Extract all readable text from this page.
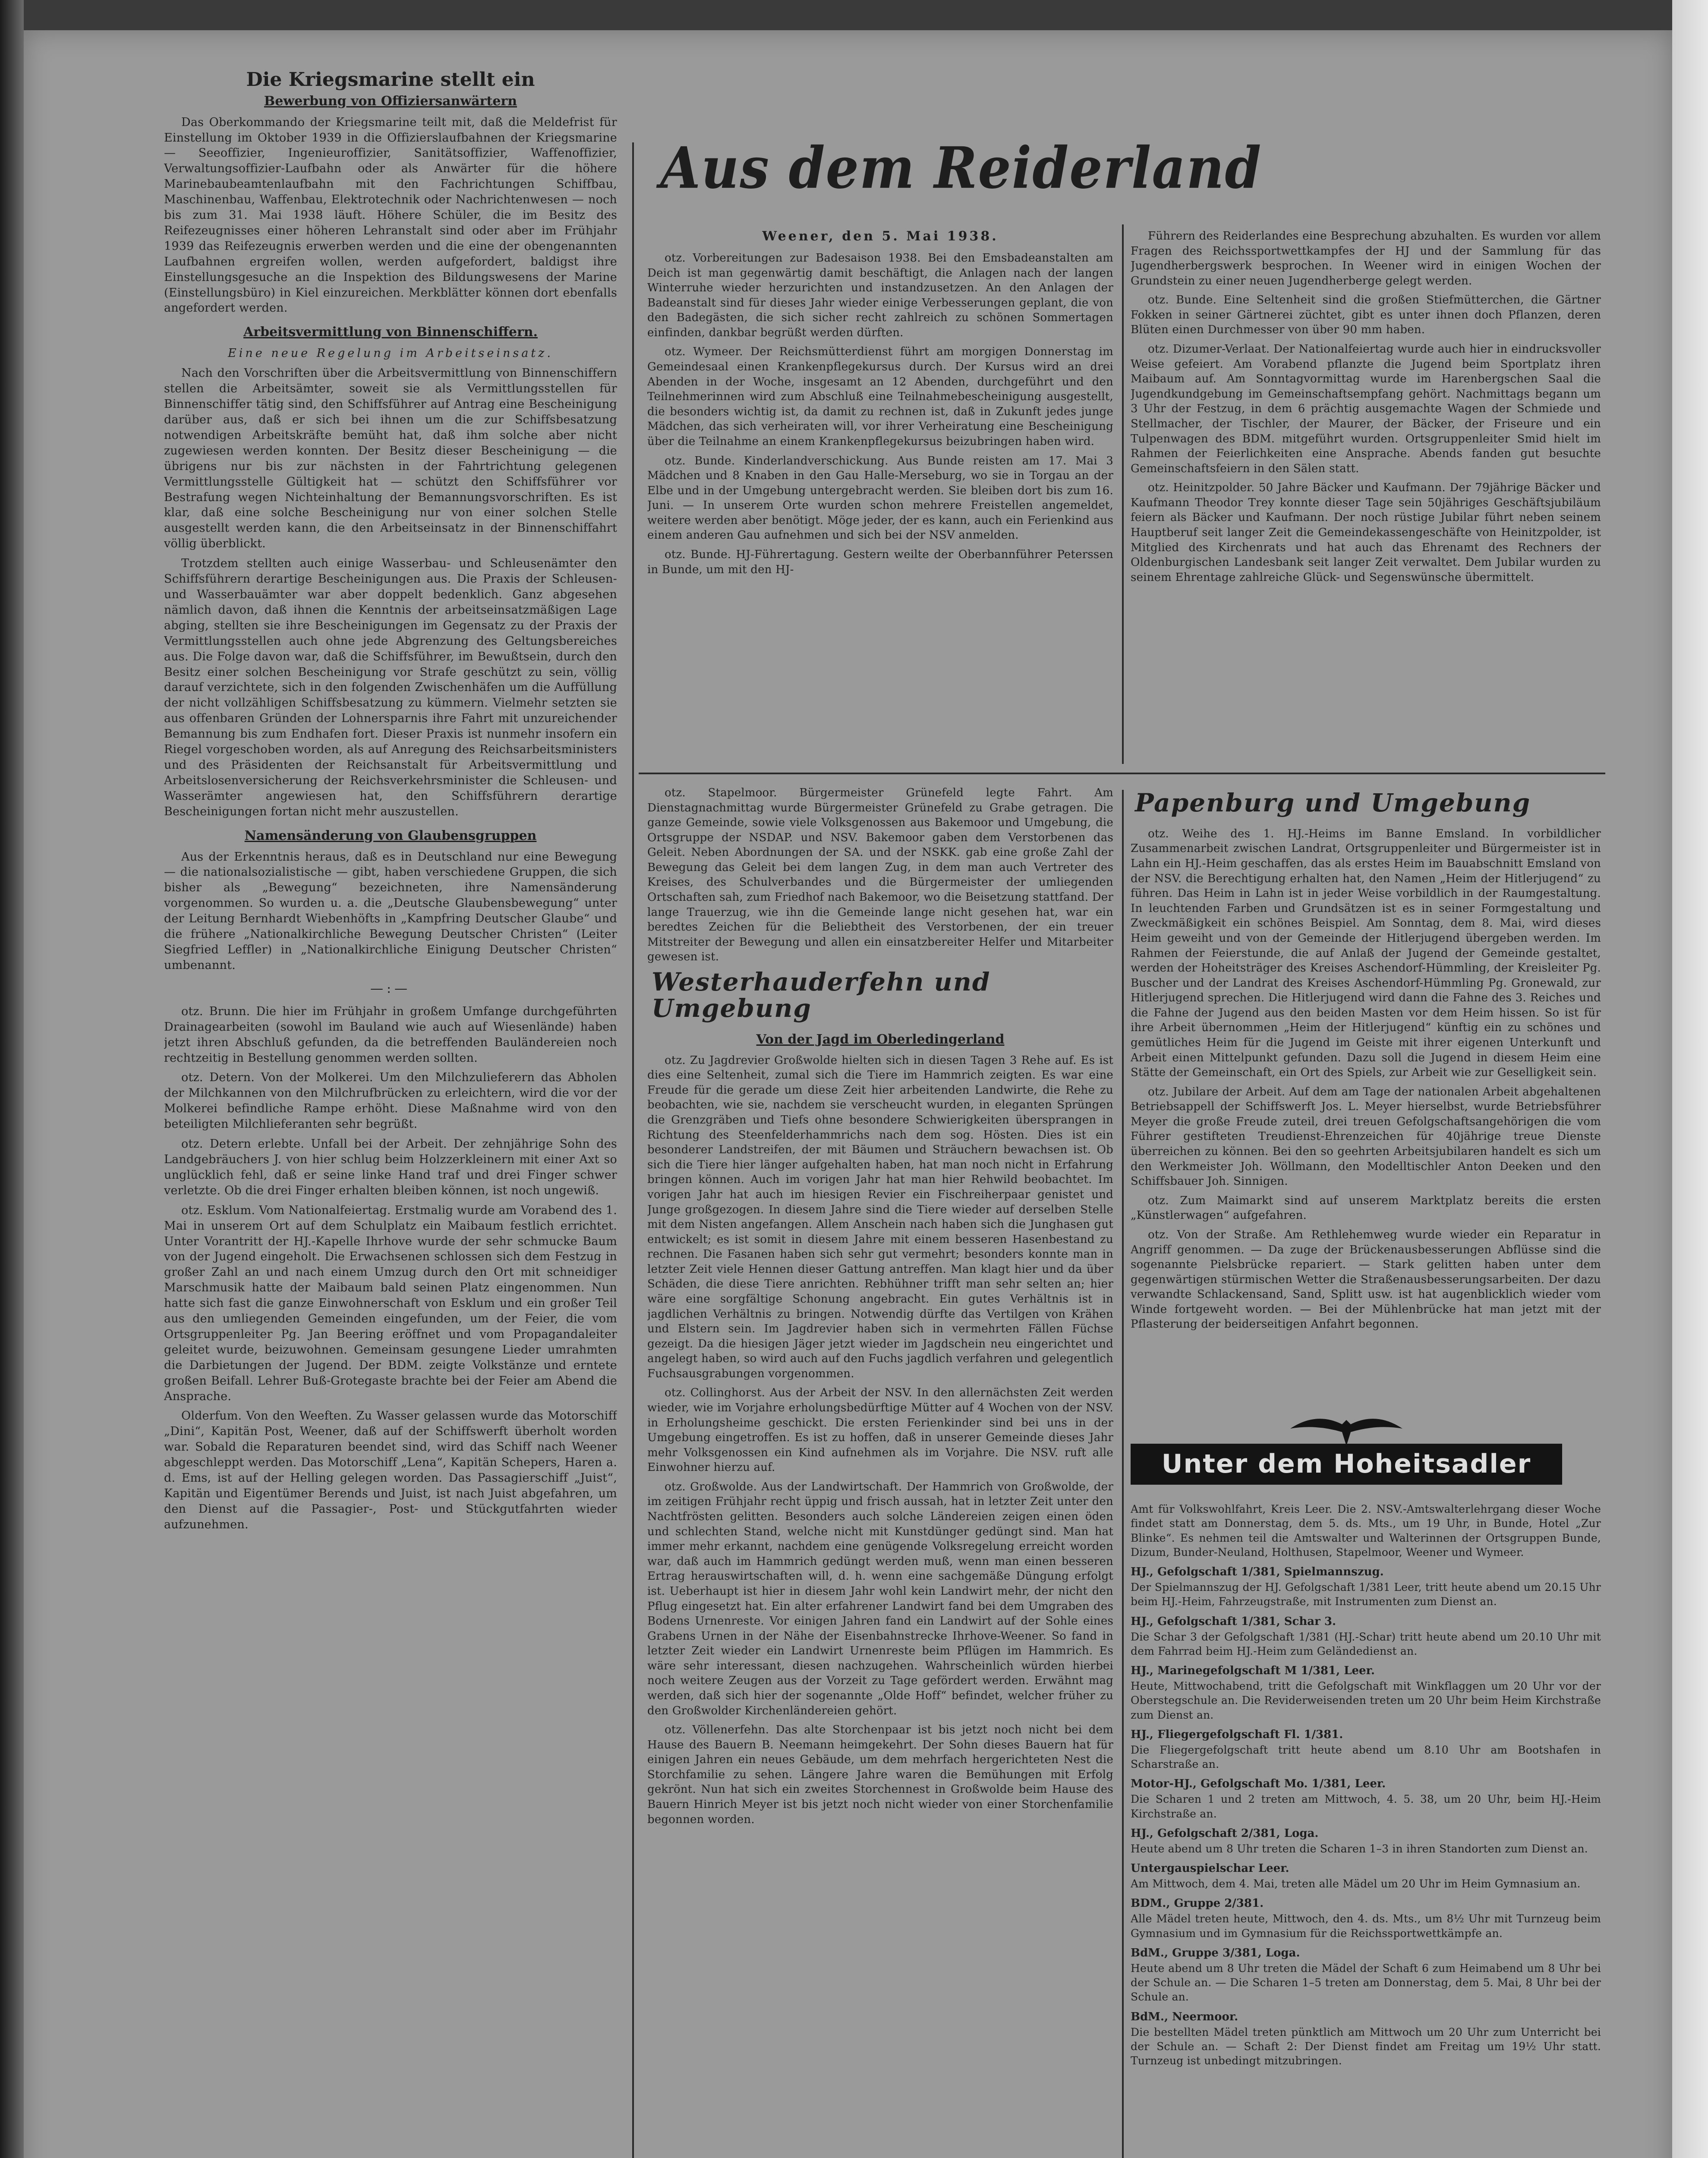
Die Kriegsmarine stellt ein
Bewerbung von Offiziersanwärtern

Das Oberkommando der Kriegsmarine teilt mit, daß die Meldefrist für Einstellung im Oktober 1939 in die Offizierslaufbahnen der Kriegsmarine — Seeoffizier, Ingenieuroffizier, Sanitätsoffizier, Waffenoffizier, Verwaltungsoffizier-Laufbahn oder als Anwärter für die höhere Marinebaubeamtenlaufbahn mit den Fachrichtungen Schiffbau, Maschinenbau, Waffenbau, Elektrotechnik oder Nachrichtenwesen — noch bis zum 31. Mai 1938 läuft. Höhere Schüler, die im Besitz des Reifezeugnisses einer höheren Lehranstalt sind oder aber im Frühjahr 1939 das Reifezeugnis erwerben werden und die eine der obengenannten Laufbahnen ergreifen wollen, werden aufgefordert, baldigst ihre Einstellungsgesuche an die Inspektion des Bildungswesens der Marine (Einstellungsbüro) in Kiel einzureichen. Merkblätter können dort ebenfalls angefordert werden.

Arbeitsvermittlung von Binnenschiffern.

Eine neue Regelung im Arbeitseinsatz.

Nach den Vorschriften über die Arbeitsvermittlung von Binnenschiffern stellen die Arbeitsämter, soweit sie als Vermittlungsstellen für Binnenschiffer tätig sind, den Schiffsführer auf Antrag eine Bescheinigung darüber aus, daß er sich bei ihnen um die zur Schiffsbesatzung notwendigen Arbeitskräfte bemüht hat, daß ihm solche aber nicht zugewiesen werden konnten. Der Besitz dieser Bescheinigung — die übrigens nur bis zur nächsten in der Fahrtrichtung gelegenen Vermittlungsstelle Gültigkeit hat — schützt den Schiffsführer vor Bestrafung wegen Nichteinhaltung der Bemannungsvorschriften. Es ist klar, daß eine solche Bescheinigung nur von einer solchen Stelle ausgestellt werden kann, die den Arbeitseinsatz in der Binnenschiffahrt völlig überblickt.

Trotzdem stellten auch einige Wasserbau- und Schleusenämter den Schiffsführern derartige Bescheinigungen aus. Die Praxis der Schleusen- und Wasserbauämter war aber doppelt bedenklich. Ganz abgesehen nämlich davon, daß ihnen die Kenntnis der arbeitseinsatzmäßigen Lage abging, stellten sie ihre Bescheinigungen im Gegensatz zu der Praxis der Vermittlungsstellen auch ohne jede Abgrenzung des Geltungsbereiches aus. Die Folge davon war, daß die Schiffsführer, im Bewußtsein, durch den Besitz einer solchen Bescheinigung vor Strafe geschützt zu sein, völlig darauf verzichtete, sich in den folgenden Zwischenhäfen um die Auffüllung der nicht vollzähligen Schiffsbesatzung zu kümmern. Vielmehr setzten sie aus offenbaren Gründen der Lohnersparnis ihre Fahrt mit unzureichender Bemannung bis zum Endhafen fort. Dieser Praxis ist nunmehr insofern ein Riegel vorgeschoben worden, als auf Anregung des Reichsarbeitsministers und des Präsidenten der Reichsanstalt für Arbeitsvermittlung und Arbeitslosenversicherung der Reichsverkehrsminister die Schleusen- und Wasserämter angewiesen hat, den Schiffsführern derartige Bescheinigungen fortan nicht mehr auszustellen.

Namensänderung von Glaubensgruppen

Aus der Erkenntnis heraus, daß es in Deutschland nur eine Bewegung — die nationalsozialistische — gibt, haben verschiedene Gruppen, die sich bisher als „Bewegung“ bezeichneten, ihre Namensänderung vorgenommen. So wurden u. a. die „Deutsche Glaubensbewegung“ unter der Leitung Bernhardt Wiebenhöfts in „Kampfring Deutscher Glaube“ und die frühere „Nationalkirchliche Bewegung Deutscher Christen“ (Leiter Siegfried Leffler) in „Nationalkirchliche Einigung Deutscher Christen“ umbenannt.

—:—

otz. Brunn. Die hier im Frühjahr in großem Umfange durchgeführten Drainagearbeiten (sowohl im Bauland wie auch auf Wiesenlände) haben jetzt ihren Abschluß gefunden, da die betreffenden Bauländereien noch rechtzeitig in Bestellung genommen werden sollten.

otz. Detern. Von der Molkerei. Um den Milchzulieferern das Abholen der Milchkannen von den Milchrufbrücken zu erleichtern, wird die vor der Molkerei befindliche Rampe erhöht. Diese Maßnahme wird von den beteiligten Milchlieferanten sehr begrüßt.

otz. Detern erlebte. Unfall bei der Arbeit. Der zehnjährige Sohn des Landgebräuchers J. von hier schlug beim Holzzerkleinern mit einer Axt so unglücklich fehl, daß er seine linke Hand traf und drei Finger schwer verletzte. Ob die drei Finger erhalten bleiben können, ist noch ungewiß.

otz. Esklum. Vom Nationalfeiertag. Erstmalig wurde am Vorabend des 1. Mai in unserem Ort auf dem Schulplatz ein Maibaum festlich errichtet. Unter Vorantritt der HJ.-Kapelle Ihrhove wurde der sehr schmucke Baum von der Jugend eingeholt. Die Erwachsenen schlossen sich dem Festzug in großer Zahl an und nach einem Umzug durch den Ort mit schneidiger Marschmusik hatte der Maibaum bald seinen Platz eingenommen. Nun hatte sich fast die ganze Einwohnerschaft von Esklum und ein großer Teil aus den umliegenden Gemeinden eingefunden, um der Feier, die vom Ortsgruppenleiter Pg. Jan Beering eröffnet und vom Propagandaleiter geleitet wurde, beizuwohnen. Gemeinsam gesungene Lieder umrahmten die Darbietungen der Jugend. Der BDM. zeigte Volkstänze und erntete großen Beifall. Lehrer Buß-Grotegaste brachte bei der Feier am Abend die Ansprache.

Olderfum. Von den Weeften. Zu Wasser gelassen wurde das Motorschiff „Dini“, Kapitän Post, Weener, daß auf der Schiffswerft überholt worden war. Sobald die Reparaturen beendet sind, wird das Schiff nach Weener abgeschleppt werden. Das Motorschiff „Lena“, Kapitän Schepers, Haren a. d. Ems, ist auf der Helling gelegen worden. Das Passagierschiff „Juist“, Kapitän und Eigentümer Berends und Juist, ist nach Juist abgefahren, um den Dienst auf die Passagier-, Post- und Stückgutfahrten wieder aufzunehmen.

Aus dem Reiderland
Weener, den 5. Mai 1938.

otz. Vorbereitungen zur Badesaison 1938. Bei den Emsbadeanstalten am Deich ist man gegenwärtig damit beschäftigt, die Anlagen nach der langen Winterruhe wieder herzurichten und instandzusetzen. An den Anlagen der Badeanstalt sind für dieses Jahr wieder einige Verbesserungen geplant, die von den Badegästen, die sich sicher recht zahlreich zu schönen Sommertagen einfinden, dankbar begrüßt werden dürften.

otz. Wymeer. Der Reichsmütterdienst führt am morgigen Donnerstag im Gemeindesaal einen Krankenpflegekursus durch. Der Kursus wird an drei Abenden in der Woche, insgesamt an 12 Abenden, durchgeführt und den Teilnehmerinnen wird zum Abschluß eine Teilnahmebescheinigung ausgestellt, die besonders wichtig ist, da damit zu rechnen ist, daß in Zukunft jedes junge Mädchen, das sich verheiraten will, vor ihrer Verheiratung eine Bescheinigung über die Teilnahme an einem Krankenpflegekursus beizubringen haben wird.

otz. Bunde. Kinderlandverschickung. Aus Bunde reisten am 17. Mai 3 Mädchen und 8 Knaben in den Gau Halle-Merseburg, wo sie in Torgau an der Elbe und in der Umgebung untergebracht werden. Sie bleiben dort bis zum 16. Juni. — In unserem Orte wurden schon mehrere Freistellen angemeldet, weitere werden aber benötigt. Möge jeder, der es kann, auch ein Ferienkind aus einem anderen Gau aufnehmen und sich bei der NSV anmelden.

otz. Bunde. HJ-Führertagung. Gestern weilte der Oberbannführer Peterssen in Bunde, um mit den HJ-

Führern des Reiderlandes eine Besprechung abzuhalten. Es wurden vor allem Fragen des Reichssportwettkampfes der HJ und der Sammlung für das Jugendherbergswerk besprochen. In Weener wird in einigen Wochen der Grundstein zu einer neuen Jugendherberge gelegt werden.

otz. Bunde. Eine Seltenheit sind die großen Stiefmütterchen, die Gärtner Fokken in seiner Gärtnerei züchtet, gibt es unter ihnen doch Pflanzen, deren Blüten einen Durchmesser von über 90 mm haben.

otz. Dizumer-Verlaat. Der Nationalfeiertag wurde auch hier in eindrucksvoller Weise gefeiert. Am Vorabend pflanzte die Jugend beim Sportplatz ihren Maibaum auf. Am Sonntagvormittag wurde im Harenbergschen Saal die Jugendkundgebung im Gemeinschaftsempfang gehört. Nachmittags begann um 3 Uhr der Festzug, in dem 6 prächtig ausgemachte Wagen der Schmiede und Stellmacher, der Tischler, der Maurer, der Bäcker, der Friseure und ein Tulpenwagen des BDM. mitgeführt wurden. Ortsgruppenleiter Smid hielt im Rahmen der Feierlichkeiten eine Ansprache. Abends fanden gut besuchte Gemeinschaftsfeiern in den Sälen statt.

otz. Heinitzpolder. 50 Jahre Bäcker und Kaufmann. Der 79jährige Bäcker und Kaufmann Theodor Trey konnte dieser Tage sein 50jähriges Geschäftsjubiläum feiern als Bäcker und Kaufmann. Der noch rüstige Jubilar führt neben seinem Hauptberuf seit langer Zeit die Gemeindekassengeschäfte von Heinitzpolder, ist Mitglied des Kirchenrats und hat auch das Ehrenamt des Rechners der Oldenburgischen Landesbank seit langer Zeit verwaltet. Dem Jubilar wurden zu seinem Ehrentage zahlreiche Glück- und Segenswünsche übermittelt.

otz. Stapelmoor. Bürgermeister Grünefeld legte Fahrt. Am Dienstagnachmittag wurde Bürgermeister Grünefeld zu Grabe getragen. Die ganze Gemeinde, sowie viele Volksgenossen aus Bakemoor und Umgebung, die Ortsgruppe der NSDAP. und NSV. Bakemoor gaben dem Verstorbenen das Geleit. Neben Abordnungen der SA. und der NSKK. gab eine große Zahl der Bewegung das Geleit bei dem langen Zug, in dem man auch Vertreter des Kreises, des Schulverbandes und die Bürgermeister der umliegenden Ortschaften sah, zum Friedhof nach Bakemoor, wo die Beisetzung stattfand. Der lange Trauerzug, wie ihn die Gemeinde lange nicht gesehen hat, war ein beredtes Zeichen für die Beliebtheit des Verstorbenen, der ein treuer Mitstreiter der Bewegung und allen ein einsatzbereiter Helfer und Mitarbeiter gewesen ist.

Westerhauderfehn und Umgebung
Von der Jagd im Oberledingerland

otz. Zu Jagdrevier Großwolde hielten sich in diesen Tagen 3 Rehe auf. Es ist dies eine Seltenheit, zumal sich die Tiere im Hammrich zeigten. Es war eine Freude für die gerade um diese Zeit hier arbeitenden Landwirte, die Rehe zu beobachten, wie sie, nachdem sie verscheucht wurden, in eleganten Sprüngen die Grenzgräben und Tiefs ohne besondere Schwierigkeiten übersprangen in Richtung des Steenfelderhammrichs nach dem sog. Hösten. Dies ist ein besonderer Landstreifen, der mit Bäumen und Sträuchern bewachsen ist. Ob sich die Tiere hier länger aufgehalten haben, hat man noch nicht in Erfahrung bringen können. Auch im vorigen Jahr hat man hier Rehwild beobachtet. Im vorigen Jahr hat auch im hiesigen Revier ein Fischreiherpaar genistet und Junge großgezogen. In diesem Jahre sind die Tiere wieder auf derselben Stelle mit dem Nisten angefangen. Allem Anschein nach haben sich die Junghasen gut entwickelt; es ist somit in diesem Jahre mit einem besseren Hasenbestand zu rechnen. Die Fasanen haben sich sehr gut vermehrt; besonders konnte man in letzter Zeit viele Hennen dieser Gattung antreffen. Man klagt hier und da über Schäden, die diese Tiere anrichten. Rebhühner trifft man sehr selten an; hier wäre eine sorgfältige Schonung angebracht. Ein gutes Verhältnis ist in jagdlichen Verhältnis zu bringen. Notwendig dürfte das Vertilgen von Krähen und Elstern sein. Im Jagdrevier haben sich in vermehrten Fällen Füchse gezeigt. Da die hiesigen Jäger jetzt wieder im Jagdschein neu eingerichtet und angelegt haben, so wird auch auf den Fuchs jagdlich verfahren und gelegentlich Fuchsausgrabungen vorgenommen.

otz. Collinghorst. Aus der Arbeit der NSV. In den allernächsten Zeit werden wieder, wie im Vorjahre erholungsbedürftige Mütter auf 4 Wochen von der NSV. in Erholungsheime geschickt. Die ersten Ferienkinder sind bei uns in der Umgebung eingetroffen. Es ist zu hoffen, daß in unserer Gemeinde dieses Jahr mehr Volksgenossen ein Kind aufnehmen als im Vorjahre. Die NSV. ruft alle Einwohner hierzu auf.

otz. Großwolde. Aus der Landwirtschaft. Der Hammrich von Großwolde, der im zeitigen Frühjahr recht üppig und frisch aussah, hat in letzter Zeit unter den Nachtfrösten gelitten. Besonders auch solche Ländereien zeigen einen öden und schlechten Stand, welche nicht mit Kunstdünger gedüngt sind. Man hat immer mehr erkannt, nachdem eine genügende Volksregelung erreicht worden war, daß auch im Hammrich gedüngt werden muß, wenn man einen besseren Ertrag herauswirtschaften will, d. h. wenn eine sachgemäße Düngung erfolgt ist. Ueberhaupt ist hier in diesem Jahr wohl kein Landwirt mehr, der nicht den Pflug eingesetzt hat. Ein alter erfahrener Landwirt fand bei dem Umgraben des Bodens Urnenreste. Vor einigen Jahren fand ein Landwirt auf der Sohle eines Grabens Urnen in der Nähe der Eisenbahnstrecke Ihrhove-Weener. So fand in letzter Zeit wieder ein Landwirt Urnenreste beim Pflügen im Hammrich. Es wäre sehr interessant, diesen nachzugehen. Wahrscheinlich würden hierbei noch weitere Zeugen aus der Vorzeit zu Tage gefördert werden. Erwähnt mag werden, daß sich hier der sogenannte „Olde Hoff“ befindet, welcher früher zu den Großwolder Kirchenländereien gehört.

otz. Völlenerfehn. Das alte Storchenpaar ist bis jetzt noch nicht bei dem Hause des Bauern B. Neemann heimgekehrt. Der Sohn dieses Bauern hat für einigen Jahren ein neues Gebäude, um dem mehrfach hergerichteten Nest die Storchfamilie zu sehen. Längere Jahre waren die Bemühungen mit Erfolg gekrönt. Nun hat sich ein zweites Storchennest in Großwolde beim Hause des Bauern Hinrich Meyer ist bis jetzt noch nicht wieder von einer Storchenfamilie begonnen worden.

Papenburg und Umgebung

otz. Weihe des 1. HJ.-Heims im Banne Emsland. In vorbildlicher Zusammenarbeit zwischen Landrat, Ortsgruppenleiter und Bürgermeister ist in Lahn ein HJ.-Heim geschaffen, das als erstes Heim im Bauabschnitt Emsland von der NSV. die Berechtigung erhalten hat, den Namen „Heim der Hitlerjugend“ zu führen. Das Heim in Lahn ist in jeder Weise vorbildlich in der Raumgestaltung. In leuchtenden Farben und Grundsätzen ist es in seiner Formgestaltung und Zweckmäßigkeit ein schönes Beispiel. Am Sonntag, dem 8. Mai, wird dieses Heim geweiht und von der Gemeinde der Hitlerjugend übergeben werden. Im Rahmen der Feierstunde, die auf Anlaß der Jugend der Gemeinde gestaltet, werden der Hoheitsträger des Kreises Aschendorf-Hümmling, der Kreisleiter Pg. Buscher und der Landrat des Kreises Aschendorf-Hümmling Pg. Gronewald, zur Hitlerjugend sprechen. Die Hitlerjugend wird dann die Fahne des 3. Reiches und die Fahne der Jugend aus den beiden Masten vor dem Heim hissen. So ist für ihre Arbeit übernommen „Heim der Hitlerjugend“ künftig ein zu schönes und gemütliches Heim für die Jugend im Geiste mit ihrer eigenen Unterkunft und Arbeit einen Mittelpunkt gefunden. Dazu soll die Jugend in diesem Heim eine Stätte der Gemeinschaft, ein Ort des Spiels, zur Arbeit wie zur Geselligkeit sein.

otz. Jubilare der Arbeit. Auf dem am Tage der nationalen Arbeit abgehaltenen Betriebsappell der Schiffswerft Jos. L. Meyer hierselbst, wurde Betriebsführer Meyer die große Freude zuteil, drei treuen Gefolgschaftsangehörigen die vom Führer gestifteten Treudienst-Ehrenzeichen für 40jährige treue Dienste überreichen zu können. Bei den so geehrten Arbeitsjubilaren handelt es sich um den Werkmeister Joh. Wöllmann, den Modelltischler Anton Deeken und den Schiffsbauer Joh. Sinnigen.

otz. Zum Maimarkt sind auf unserem Marktplatz bereits die ersten „Künstlerwagen“ aufgefahren.

otz. Von der Straße. Am Rethlehemweg wurde wieder ein Reparatur in Angriff genommen. — Da zuge der Brückenausbesserungen Abflüsse sind die sogenannte Pielsbrücke repariert. — Stark gelitten haben unter dem gegenwärtigen stürmischen Wetter die Straßenausbesserungsarbeiten. Der dazu verwandte Schlackensand, Sand, Splitt usw. ist hat augenblicklich wieder vom Winde fortgeweht worden. — Bei der Mühlenbrücke hat man jetzt mit der Pflasterung der beiderseitigen Anfahrt begonnen.

Unter dem Hoheitsadler

Amt für Volkswohlfahrt, Kreis Leer. Die 2. NSV.-Amtswalterlehrgang dieser Woche findet statt am Donnerstag, dem 5. ds. Mts., um 19 Uhr, in Bunde, Hotel „Zur Blinke“. Es nehmen teil die Amtswalter und Walterinnen der Ortsgruppen Bunde, Dizum, Bunder-Neuland, Holthusen, Stapelmoor, Weener und Wymeer.

HJ., Gefolgschaft 1/381, Spielmannszug.

Der Spielmannszug der HJ. Gefolgschaft 1/381 Leer, tritt heute abend um 20.15 Uhr beim HJ.-Heim, Fahrzeugstraße, mit Instrumenten zum Dienst an.

HJ., Gefolgschaft 1/381, Schar 3.

Die Schar 3 der Gefolgschaft 1/381 (HJ.-Schar) tritt heute abend um 20.10 Uhr mit dem Fahrrad beim HJ.-Heim zum Geländedienst an.

HJ., Marinegefolgschaft M 1/381, Leer.

Heute, Mittwochabend, tritt die Gefolgschaft mit Winkflaggen um 20 Uhr vor der Oberstegschule an. Die Reviderweisenden treten um 20 Uhr beim Heim Kirchstraße zum Dienst an.

HJ., Fliegergefolgschaft Fl. 1/381.

Die Fliegergefolgschaft tritt heute abend um 8.10 Uhr am Bootshafen in Scharstraße an.

Motor-HJ., Gefolgschaft Mo. 1/381, Leer.

Die Scharen 1 und 2 treten am Mittwoch, 4. 5. 38, um 20 Uhr, beim HJ.-Heim Kirchstraße an.

HJ., Gefolgschaft 2/381, Loga.

Heute abend um 8 Uhr treten die Scharen 1–3 in ihren Standorten zum Dienst an.

Untergauspielschar Leer.

Am Mittwoch, dem 4. Mai, treten alle Mädel um 20 Uhr im Heim Gymnasium an.

BDM., Gruppe 2/381.

Alle Mädel treten heute, Mittwoch, den 4. ds. Mts., um 8½ Uhr mit Turnzeug beim Gymnasium und im Gymnasium für die Reichssportwettkämpfe an.

BdM., Gruppe 3/381, Loga.

Heute abend um 8 Uhr treten die Mädel der Schaft 6 zum Heimabend um 8 Uhr bei der Schule an. — Die Scharen 1–5 treten am Donnerstag, dem 5. Mai, 8 Uhr bei der Schule an.

BdM., Neermoor.

Die bestellten Mädel treten pünktlich am Mittwoch um 20 Uhr zum Unterricht bei der Schule an. — Schaft 2: Der Dienst findet am Freitag um 19½ Uhr statt. Turnzeug ist unbedingt mitzubringen.
